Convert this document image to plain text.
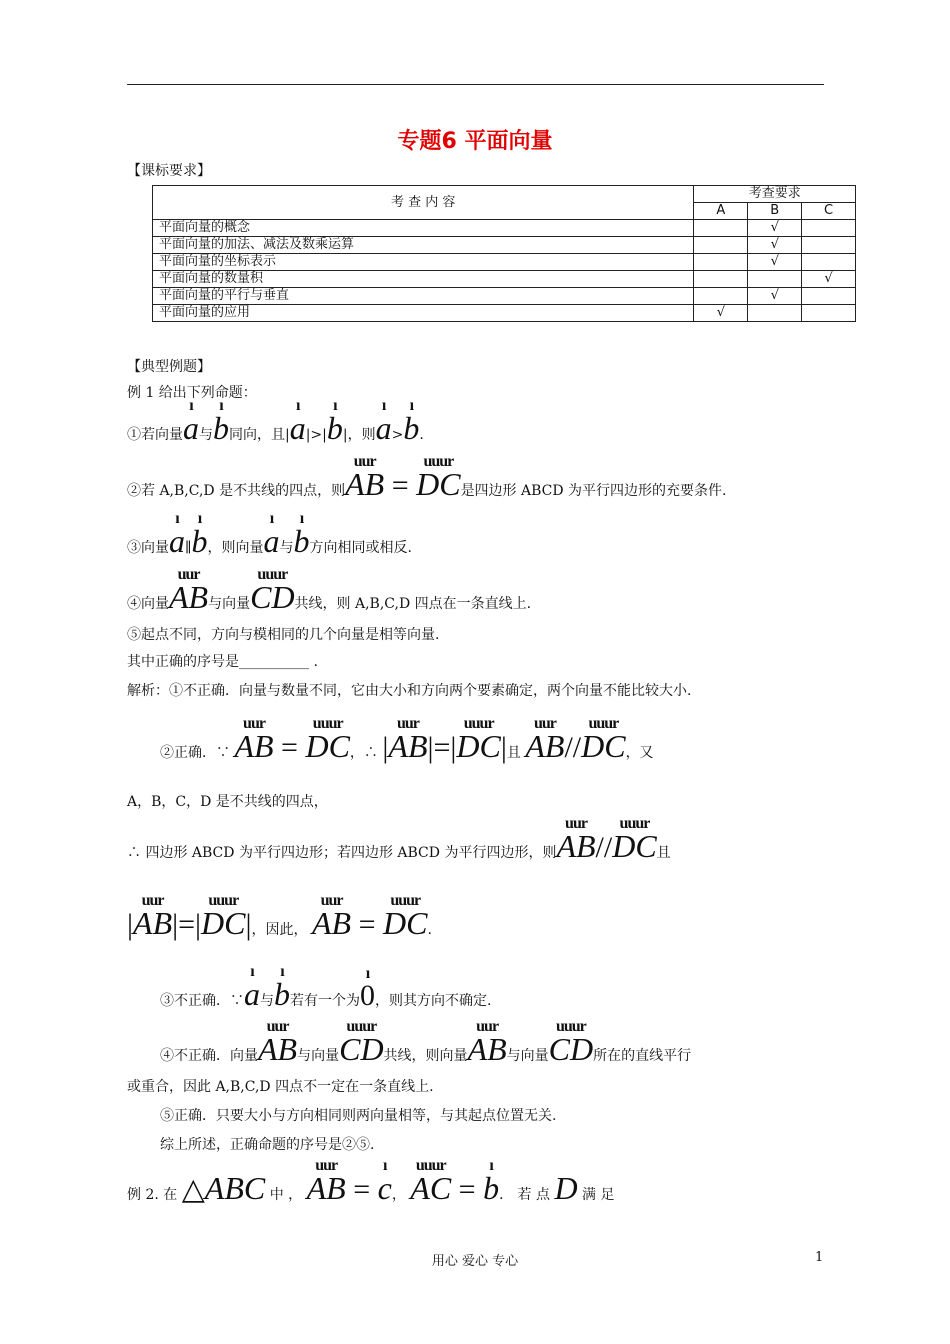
专题6 平面向量
【课标要求】
考 查 内 容	考查要求		
	A	B	C
平面向量的概念		√	
平面向量的加法、减法及数乘运算		√	
平面向量的坐标表示		√	
平面向量的数量积			√
平面向量的平行与垂直		√	
平面向量的应用	√		
【典型例题】
例 1 给出下列命题：
①若向量
ı
a与
ı
b同向，且|
ı
a|>|
ı
b|，则
ı
a>
ı
b.
②若 A,B,C,D 是不共线的四点，则
uur
AB =
uuur
DC是四边形 ABCD 为平行四边形的充要条件.
③向量
ı
a∥
ı
b，则向量
ı
a与
ı
b方向相同或相反.
④向量
uur
AB与向量
uuur
CD共线，则 A,B,C,D 四点在一条直线上.
⑤起点不同，方向与模相同的几个向量是相等向量.
其中正确的序号是__________ .
解析：①不正确．向量与数量不同，它由大小和方向两个要素确定，两个向量不能比较大小.
②正确．∵
uur
AB =
uuur
DC，∴ |
uur
AB|=|
uuur
DC|且
uur
AB//
uuur
DC，又
A，B，C，D 是不共线的四点，
∴ 四边形 ABCD 为平行四边形；若四边形 ABCD 为平行四边形，则
uur
AB//
uuur
DC且
|
uur
AB|=|
uuur
DC|，因此，
uur
AB =
uuur
DC.
③不正确．∵
ı
a与
ı
b若有一个为
ı
0，则其方向不确定.
④不正确．向量
uur
AB与向量
uuur
CD共线，则向量
uur
AB与向量
uuur
CD所在的直线平行
或重合，因此 A,B,C,D 四点不一定在一条直线上.
⑤正确．只要大小与方向相同则两向量相等，与其起点位置无关.
综上所述，正确命题的序号是②⑤.
例 2. 在 △ABC 中 ，
uur
AB =
ı
c，
uuur
AC =
ı
b． 若 点 D 满 足
用心 爱心 专心	1
